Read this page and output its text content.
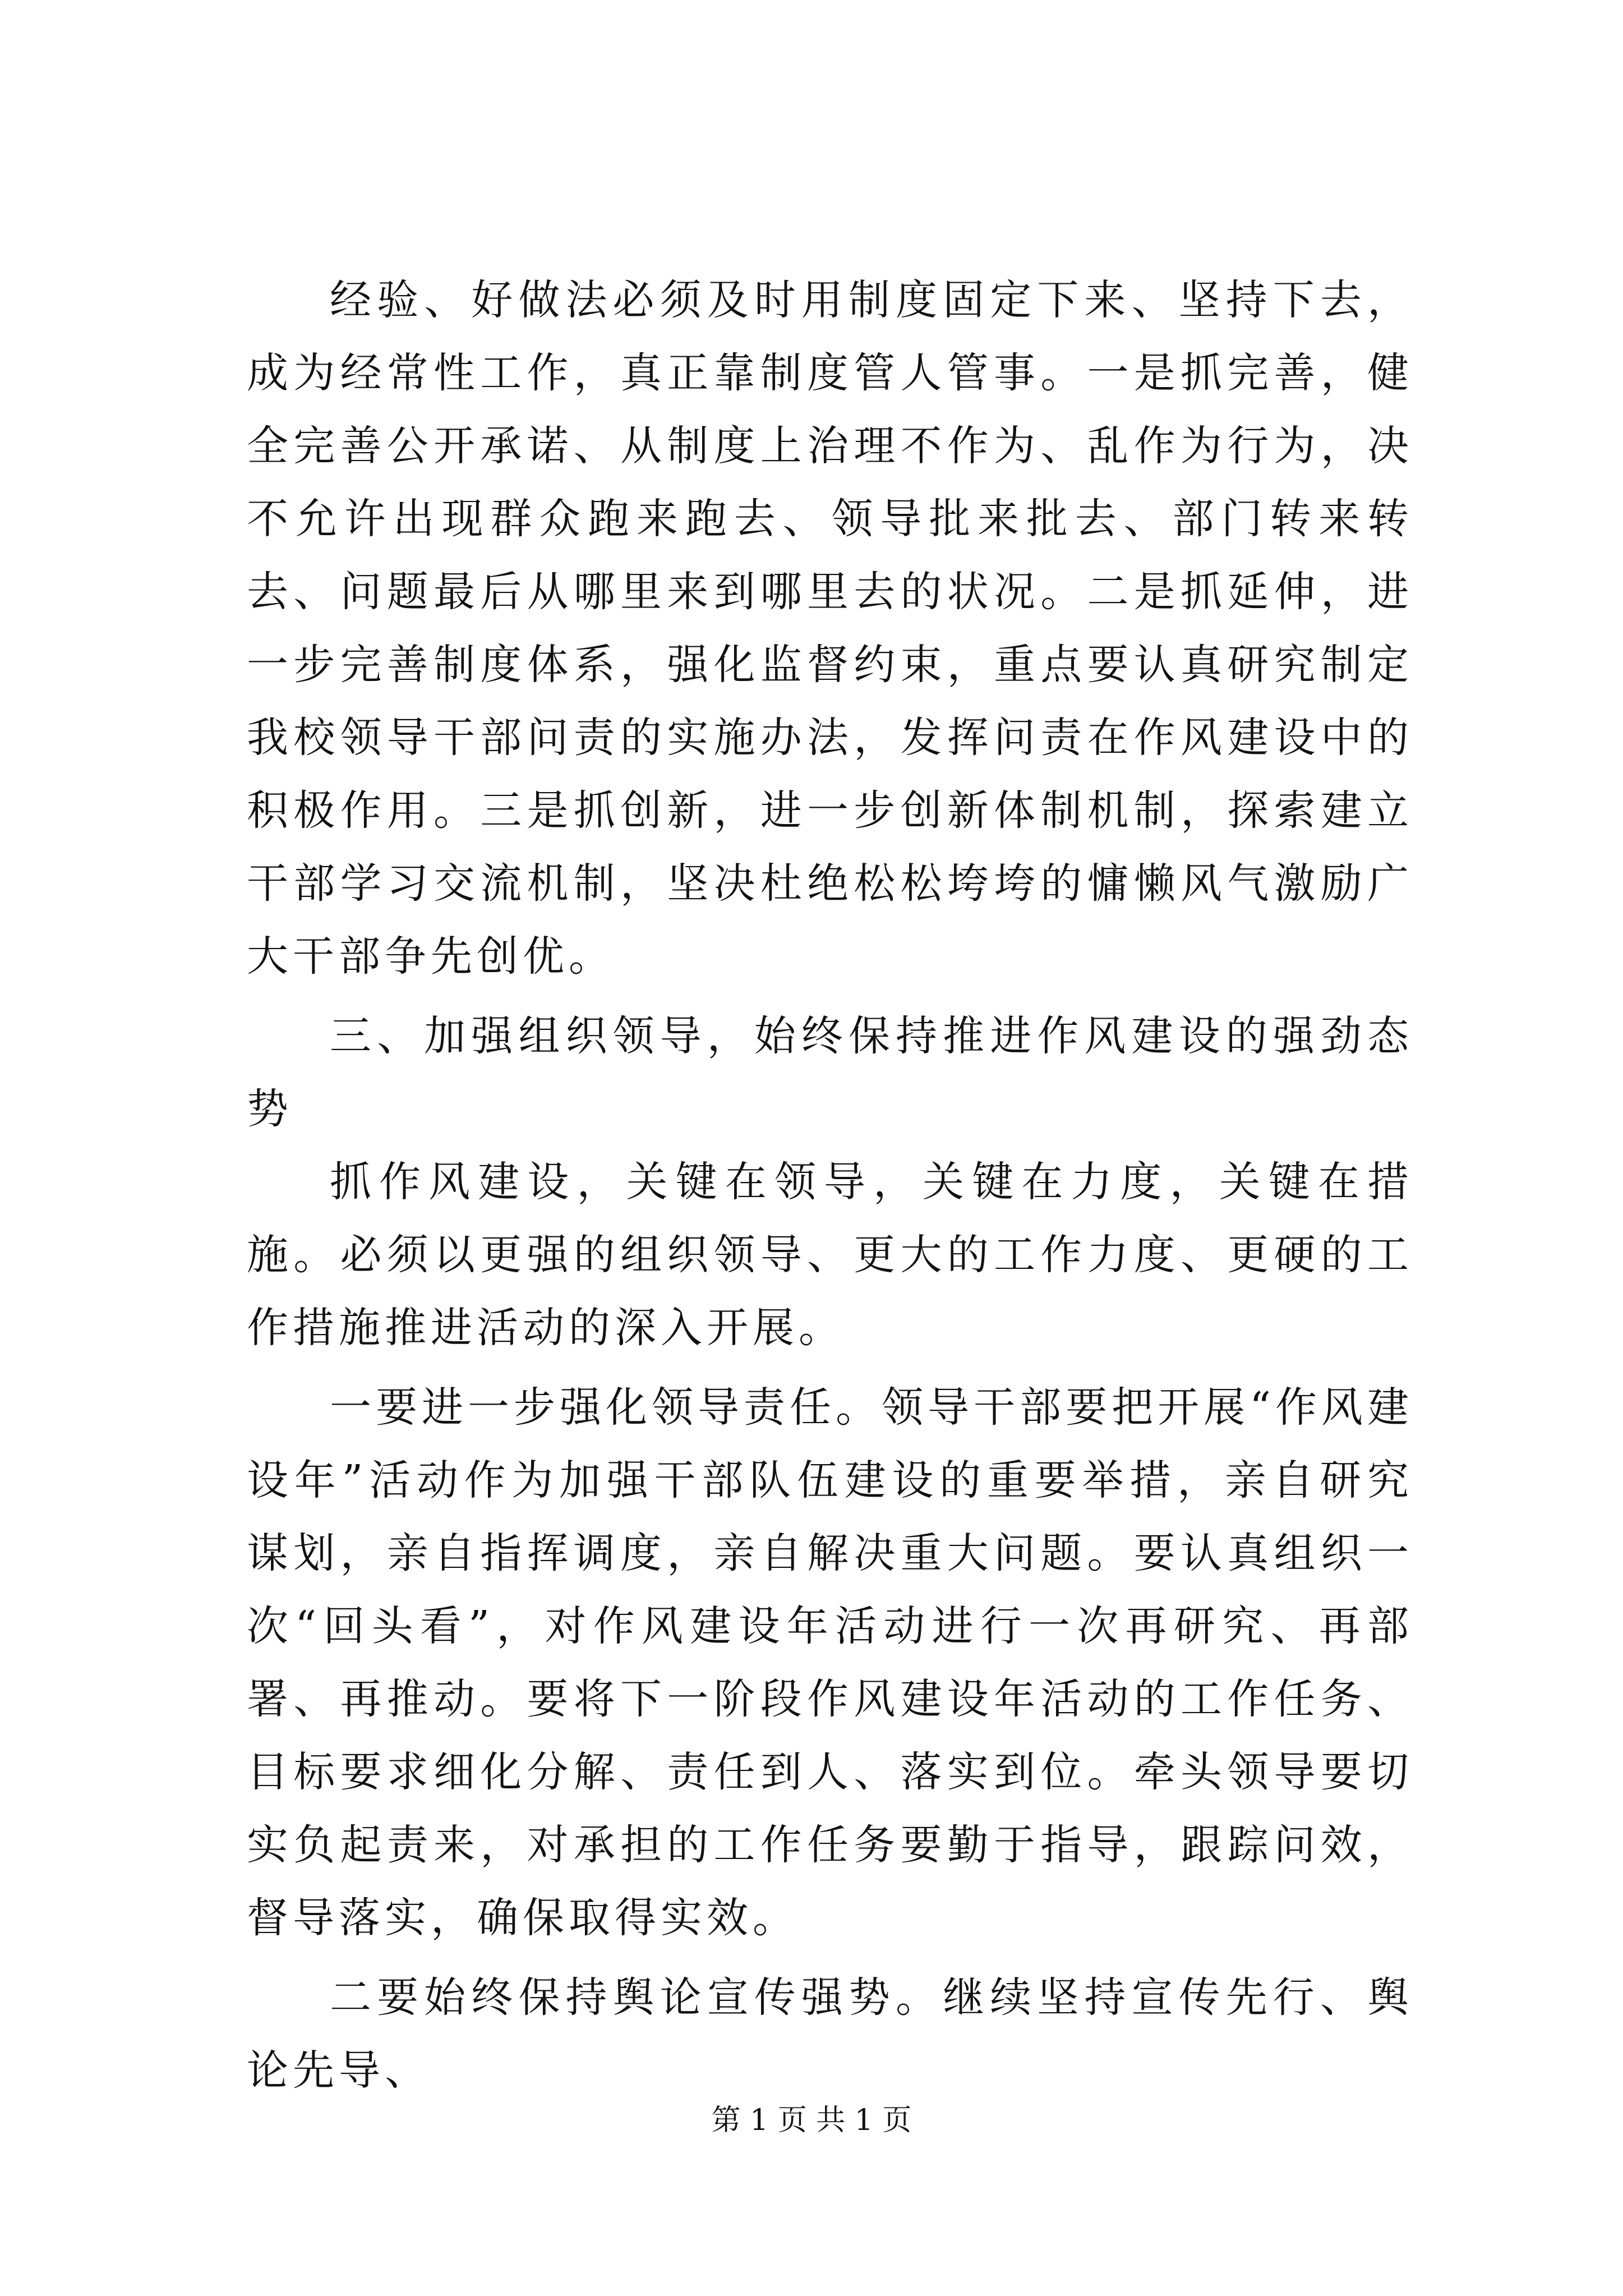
经验、好做法必须及时用制度固定下来、坚持下去，成为经常性工作，真正靠制度管人管事。一是抓完善，健全完善公开承诺、从制度上治理不作为、乱作为行为，决不允许出现群众跑来跑去、领导批来批去、部门转来转去、问题最后从哪里来到哪里去的状况。二是抓延伸，进一步完善制度体系，强化监督约束，重点要认真研究制定我校领导干部问责的实施办法，发挥问责在作风建设中的积极作用。三是抓创新，进一步创新体制机制，探索建立干部学习交流机制，坚决杜绝松松垮垮的慵懒风气激励广大干部争先创优。

三、加强组织领导，始终保持推进作风建设的强劲态势

抓作风建设，关键在领导，关键在力度，关键在措施。必须以更强的组织领导、更大的工作力度、更硬的工作措施推进活动的深入开展。

一要进一步强化领导责任。领导干部要把开展“作风建设年”活动作为加强干部队伍建设的重要举措，亲自研究谋划，亲自指挥调度，亲自解决重大问题。要认真组织一次“回头看”，对作风建设年活动进行一次再研究、再部署、再推动。要将下一阶段作风建设年活动的工作任务、目标要求细化分解、责任到人、落实到位。牵头领导要切实负起责来，对承担的工作任务要勤于指导，跟踪问效，督导落实，确保取得实效。

二要始终保持舆论宣传强势。继续坚持宣传先行、舆论先导、

第 1 页 共 1 页
